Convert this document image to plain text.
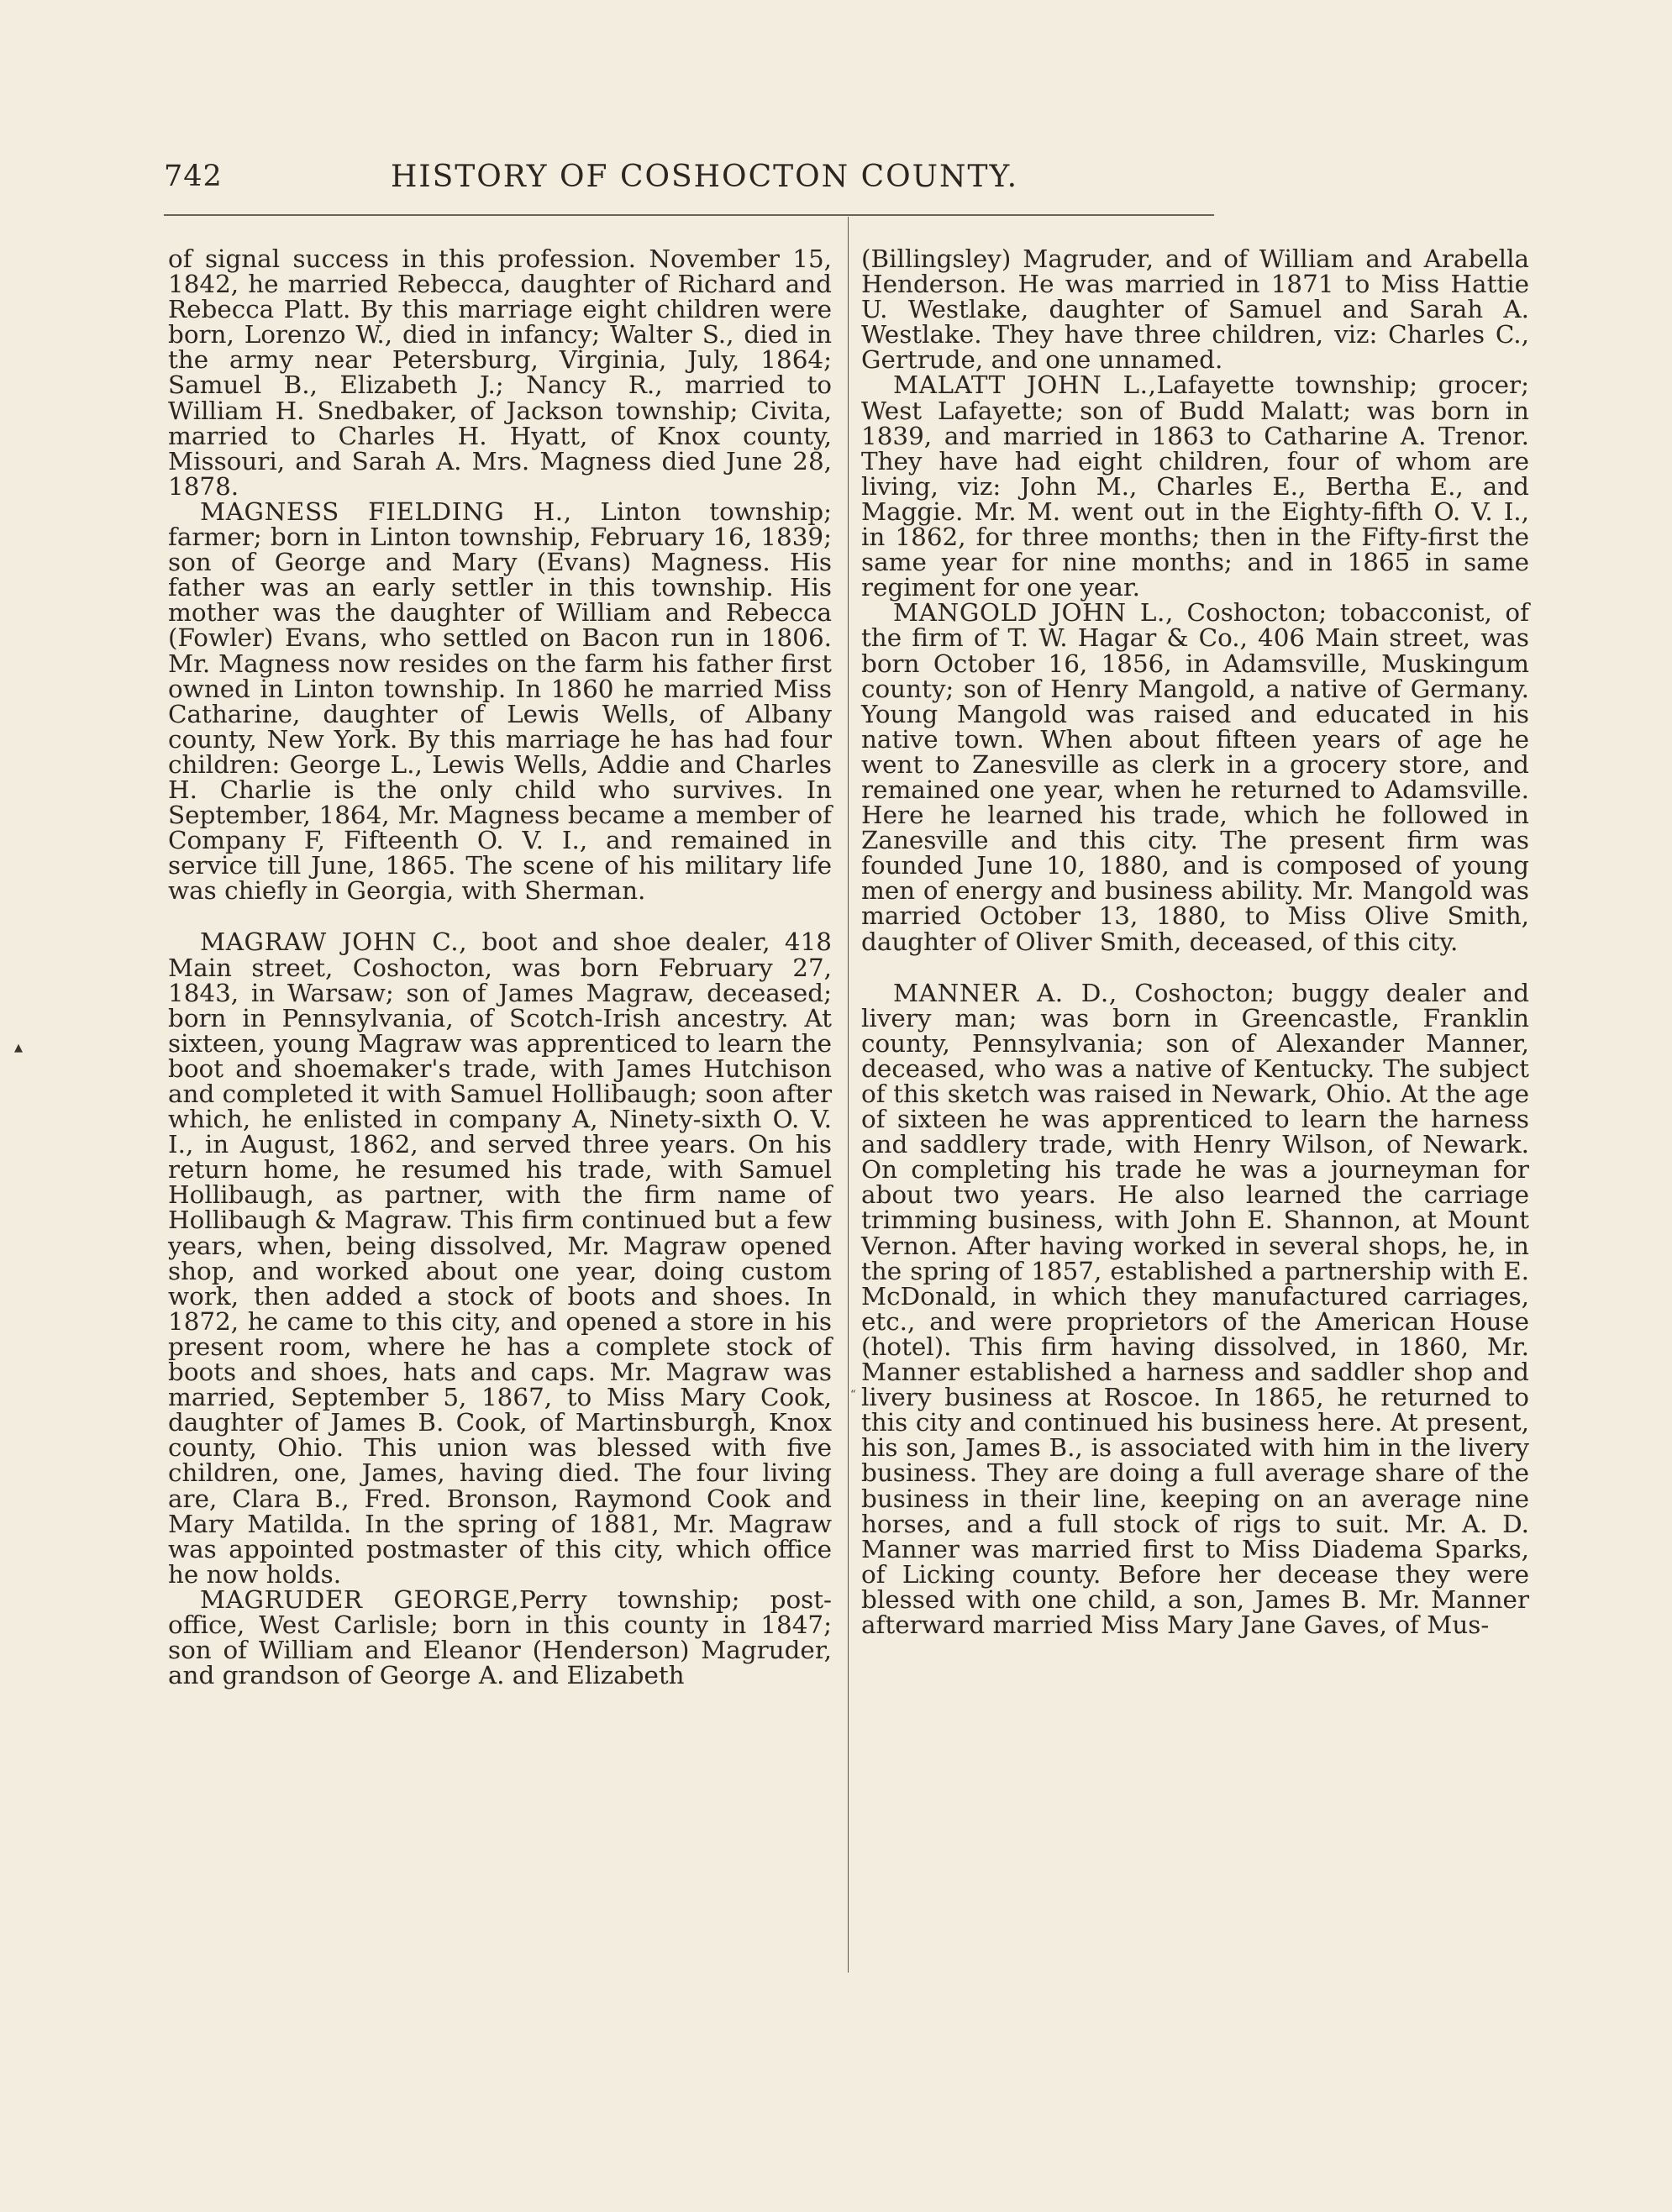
742	HISTORY OF COSHOCTON COUNTY.
▲
“

of signal success in this profession. November 15, 1842, he married Rebecca, daughter of Richard and Rebecca Platt. By this marriage eight children were born, Lorenzo W., died in infancy; Walter S., died in the army near Petersburg, Virginia, July, 1864; Samuel B., Elizabeth J.; Nancy R., married to William H. Snedbaker, of Jackson township; Civita, married to Charles H. Hyatt, of Knox county, Missouri, and Sarah A. Mrs. Magness died June 28, 1878.

MAGNESS FIELDING H., Linton township; farmer; born in Linton township, February 16, 1839; son of George and Mary (Evans) Magness. His father was an early settler in this township. His mother was the daughter of William and Rebecca (Fowler) Evans, who settled on Bacon run in 1806. Mr. Magness now resides on the farm his father first owned in Linton township. In 1860 he married Miss Catharine, daughter of Lewis Wells, of Albany county, New York. By this marriage he has had four children: George L., Lewis Wells, Addie and Charles H. Charlie is the only child who survives. In September, 1864, Mr. Magness became a member of Company F, Fifteenth O. V. I., and remained in service till June, 1865. The scene of his military life was chiefly in Georgia, with Sherman.

MAGRAW JOHN C., boot and shoe dealer, 418 Main street, Coshocton, was born February 27, 1843, in Warsaw; son of James Magraw, deceased; born in Pennsylvania, of Scotch-Irish ancestry. At sixteen, young Magraw was apprenticed to learn the boot and shoemaker's trade, with James Hutchison and completed it with Samuel Hollibaugh; soon after which, he enlisted in company A, Ninety-sixth O. V. I., in August, 1862, and served three years. On his return home, he resumed his trade, with Samuel Hollibaugh, as partner, with the firm name of Hollibaugh & Magraw. This firm continued but a few years, when, being dissolved, Mr. Magraw opened shop, and worked about one year, doing custom work, then added a stock of boots and shoes. In 1872, he came to this city, and opened a store in his present room, where he has a complete stock of boots and shoes, hats and caps. Mr. Magraw was married, September 5, 1867, to Miss Mary Cook, daughter of James B. Cook, of Martinsburgh, Knox county, Ohio. This union was blessed with five children, one, James, having died. The four living are, Clara B., Fred. Bronson, Raymond Cook and Mary Matilda. In the spring of 1881, Mr. Magraw was appointed postmaster of this city, which office he now holds.

MAGRUDER GEORGE,Perry township; post-office, West Carlisle; born in this county in 1847; son of William and Eleanor (Henderson) Magruder, and grandson of George A. and Elizabeth

(Billingsley) Magruder, and of William and Arabella Henderson. He was married in 1871 to Miss Hattie U. Westlake, daughter of Samuel and Sarah A. Westlake. They have three children, viz: Charles C., Gertrude, and one unnamed.

MALATT JOHN L.,Lafayette township; grocer; West Lafayette; son of Budd Malatt; was born in 1839, and married in 1863 to Catharine A. Trenor. They have had eight children, four of whom are living, viz: John M., Charles E., Bertha E., and Maggie. Mr. M. went out in the Eighty-fifth O. V. I., in 1862, for three months; then in the Fifty-first the same year for nine months; and in 1865 in same regiment for one year.

MANGOLD JOHN L., Coshocton; tobacconist, of the firm of T. W. Hagar & Co., 406 Main street, was born October 16, 1856, in Adamsville, Muskingum county; son of Henry Mangold, a native of Germany. Young Mangold was raised and educated in his native town. When about fifteen years of age he went to Zanesville as clerk in a grocery store, and remained one year, when he returned to Adamsville. Here he learned his trade, which he followed in Zanesville and this city. The present firm was founded June 10, 1880, and is composed of young men of energy and business ability. Mr. Mangold was married October 13, 1880, to Miss Olive Smith, daughter of Oliver Smith, deceased, of this city.

MANNER A. D., Coshocton; buggy dealer and livery man; was born in Greencastle, Franklin county, Pennsylvania; son of Alexander Manner, deceased, who was a native of Kentucky. The subject of this sketch was raised in Newark, Ohio. At the age of sixteen he was apprenticed to learn the harness and saddlery trade, with Henry Wilson, of Newark. On completing his trade he was a journeyman for about two years. He also learned the carriage trimming business, with John E. Shannon, at Mount Vernon. After having worked in several shops, he, in the spring of 1857, established a partnership with E. McDonald, in which they manufactured carriages, etc., and were proprietors of the American House (hotel). This firm having dissolved, in 1860, Mr. Manner established a harness and saddler shop and livery business at Roscoe. In 1865, he returned to this city and continued his business here. At present, his son, James B., is associated with him in the livery business. They are doing a full average share of the business in their line, keeping on an average nine horses, and a full stock of rigs to suit. Mr. A. D. Manner was married first to Miss Diadema Sparks, of Licking county. Before her decease they were blessed with one child, a son, James B. Mr. Manner afterward married Miss Mary Jane Gaves, of Mus-
